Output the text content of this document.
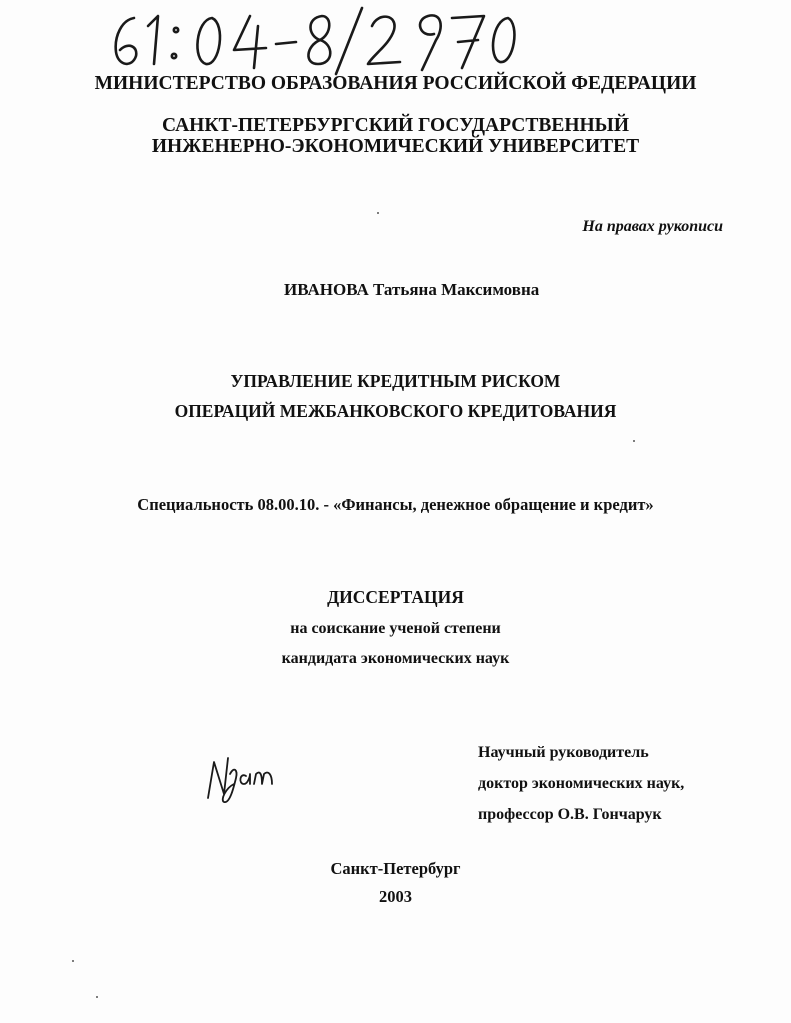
МИНИСТЕРСТВО ОБРАЗОВАНИЯ РОССИЙСКОЙ ФЕДЕРАЦИИ
САНКТ-ПЕТЕРБУРГСКИЙ ГОСУДАРСТВЕННЫЙ
ИНЖЕНЕРНО-ЭКОНОМИЧЕСКИЙ УНИВЕРСИТЕТ
На правах рукописи
ИВАНОВА Татьяна Максимовна
УПРАВЛЕНИЕ КРЕДИТНЫМ РИСКОМ
ОПЕРАЦИЙ МЕЖБАНКОВСКОГО КРЕДИТОВАНИЯ
Специальность 08.00.10. - «Финансы, денежное обращение и кредит»
ДИССЕРТАЦИЯ
на соискание ученой степени
кандидата экономических наук
Научный руководитель
доктор экономических наук,
профессор О.В. Гончарук
Санкт-Петербург
2003
